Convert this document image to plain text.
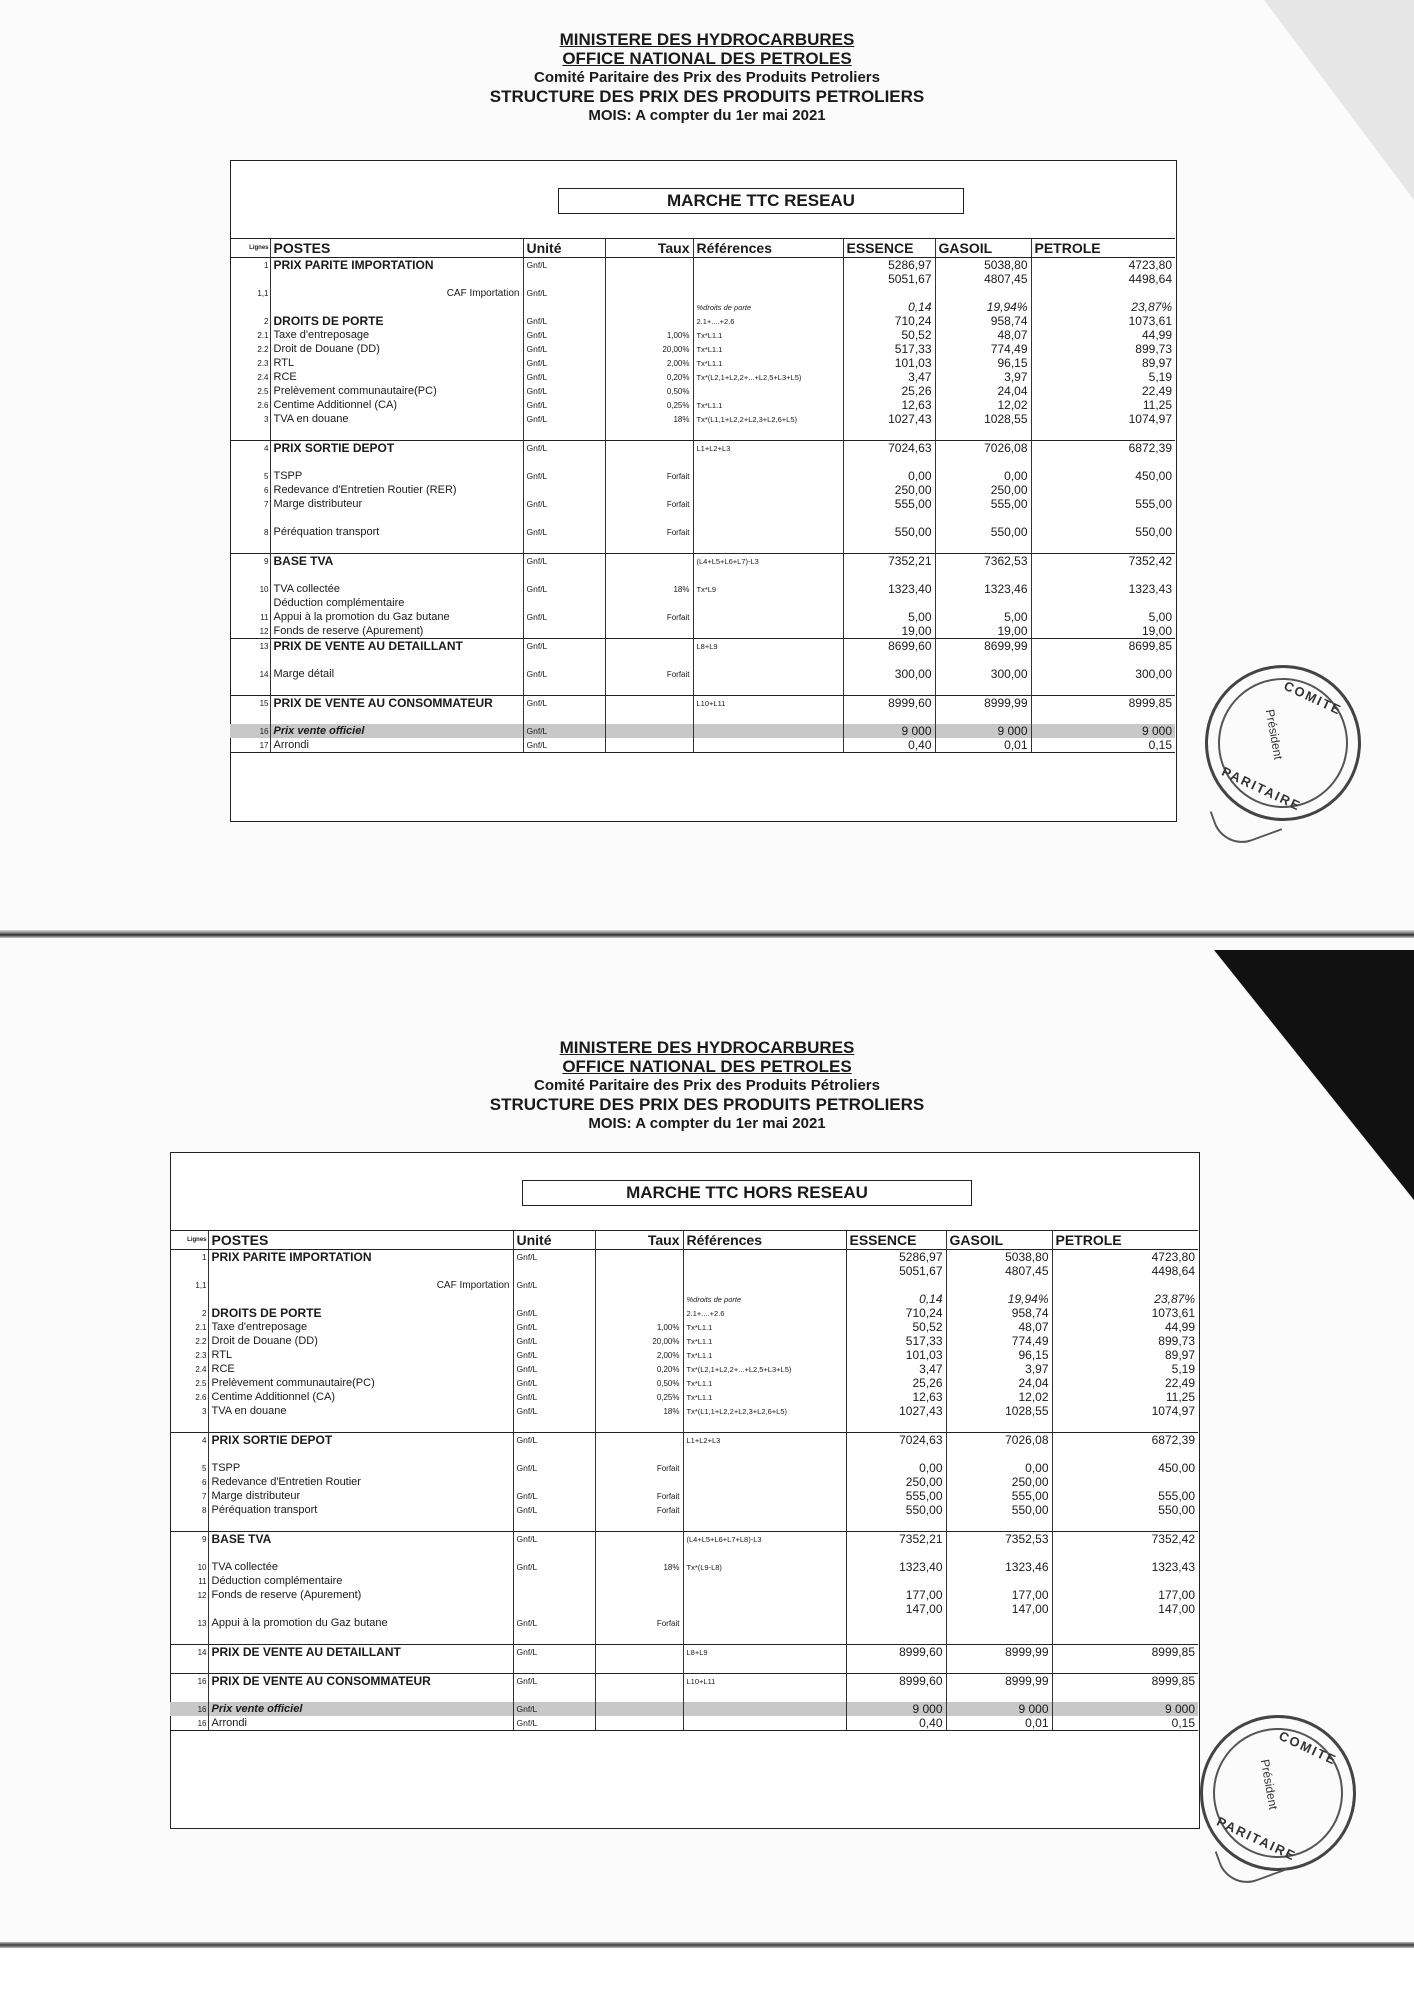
MINISTERE DES HYDROCARBURES
OFFICE NATIONAL DES PETROLES
Comité Paritaire des Prix des Produits Petroliers
STRUCTURE DES PRIX DES PRODUITS PETROLIERS
MOIS: A compter du 1er mai 2021
MARCHE TTC RESEAU
Lignes	POSTES	Unité	Taux	Références	ESSENCE	GASOIL	PETROLE
1	PRIX PARITE IMPORTATION	Gnf/L			5286,97	5038,80	4723,80
					5051,67	4807,45	4498,64
1,1	CAF Importation	Gnf/L					
				%droits de porte	0,14	19,94%	23,87%
2	DROITS DE PORTE	Gnf/L		2.1+....+2.6	710,24	958,74	1073,61
2.1	Taxe d'entreposage	Gnf/L	1,00%	Tx*L1.1	50,52	48,07	44,99
2.2	Droit de Douane (DD)	Gnf/L	20,00%	Tx*L1.1	517,33	774,49	899,73
2.3	RTL	Gnf/L	2,00%	Tx*L1.1	101,03	96,15	89,97
2.4	RCE	Gnf/L	0,20%	Tx*(L2,1+L2,2+...+L2,5+L3+L5)	3,47	3,97	5,19
2.5	Prelèvement communautaire(PC)	Gnf/L	0,50%		25,26	24,04	22,49
2.6	Centime Additionnel (CA)	Gnf/L	0,25%	Tx*L1.1	12,63	12,02	11,25
3	TVA en douane	Gnf/L	18%	Tx*(L1,1+L2,2+L2,3+L2,6+L5)	1027,43	1028,55	1074,97

4	PRIX SORTIE DEPOT	Gnf/L		L1+L2+L3	7024,63	7026,08	6872,39

5	TSPP	Gnf/L	Forfait		0,00	0,00	450,00
6	Redevance d'Entretien Routier (RER)				250,00	250,00	
7	Marge distributeur	Gnf/L	Forfait		555,00	555,00	555,00

8	Péréquation transport	Gnf/L	Forfait		550,00	550,00	550,00

9	BASE TVA	Gnf/L		(L4+L5+L6+L7)-L3	7352,21	7362,53	7352,42

10	TVA collectée	Gnf/L	18%	Tx*L9	1323,40	1323,46	1323,43
	Déduction complémentaire						
11	Appui à la promotion du Gaz butane	Gnf/L	Forfait		5,00	5,00	5,00
12	Fonds de reserve (Apurement)				19,00	19,00	19,00
13	PRIX DE VENTE AU DETAILLANT	Gnf/L		L8+L9	8699,60	8699,99	8699,85

14	Marge détail	Gnf/L	Forfait		300,00	300,00	300,00

15	PRIX DE VENTE AU CONSOMMATEUR	Gnf/L		L10+L11	8999,60	8999,99	8999,85

16	Prix vente officiel	Gnf/L			9 000	9 000	9 000
17	Arrondi	Gnf/L			0,40	0,01	0,15
COMITE
Président
PARITAIRE
MINISTERE DES HYDROCARBURES
OFFICE NATIONAL DES PETROLES
Comité Paritaire des Prix des Produits Pétroliers
STRUCTURE DES PRIX DES PRODUITS PETROLIERS
MOIS: A compter du 1er mai 2021
MARCHE TTC HORS RESEAU
Lignes	POSTES	Unité	Taux	Références	ESSENCE	GASOIL	PETROLE
1	PRIX PARITE IMPORTATION	Gnf/L			5286,97	5038,80	4723,80
					5051,67	4807,45	4498,64
1,1	CAF Importation	Gnf/L					
				%droits de porte	0,14	19,94%	23,87%
2	DROITS DE PORTE	Gnf/L		2.1+....+2.6	710,24	958,74	1073,61
2.1	Taxe d'entreposage	Gnf/L	1,00%	Tx*L1.1	50,52	48,07	44,99
2.2	Droit de Douane (DD)	Gnf/L	20,00%	Tx*L1.1	517,33	774,49	899,73
2.3	RTL	Gnf/L	2,00%	Tx*L1.1	101,03	96,15	89,97
2.4	RCE	Gnf/L	0,20%	Tx*(L2,1+L2,2+...+L2,5+L3+L5)	3,47	3,97	5,19
2.5	Prelèvement communautaire(PC)	Gnf/L	0,50%	Tx*L1.1	25,26	24,04	22,49
2.6	Centime Additionnel (CA)	Gnf/L	0,25%	Tx*L1.1	12,63	12,02	11,25
3	TVA en douane	Gnf/L	18%	Tx*(L1,1+L2,2+L2,3+L2,6+L5)	1027,43	1028,55	1074,97

4	PRIX SORTIE DEPOT	Gnf/L		L1+L2+L3	7024,63	7026,08	6872,39

5	TSPP	Gnf/L	Forfait		0,00	0,00	450,00
6	Redevance d'Entretien Routier				250,00	250,00	
7	Marge distributeur	Gnf/L	Forfait		555,00	555,00	555,00
8	Péréquation transport	Gnf/L	Forfait		550,00	550,00	550,00

9	BASE TVA	Gnf/L		(L4+L5+L6+L7+L8)-L3	7352,21	7352,53	7352,42

10	TVA collectée	Gnf/L	18%	Tx*(L9-L8)	1323,40	1323,46	1323,43
11	Déduction complémentaire						
12	Fonds de reserve (Apurement)				177,00	177,00	177,00
					147,00	147,00	147,00
13	Appui à la promotion du Gaz butane	Gnf/L	Forfait				

14	PRIX DE VENTE AU DETAILLANT	Gnf/L		L8+L9	8999,60	8999,99	8999,85

16	PRIX DE VENTE AU CONSOMMATEUR	Gnf/L		L10+L11	8999,60	8999,99	8999,85

16	Prix vente officiel	Gnf/L			9 000	9 000	9 000
16	Arrondi	Gnf/L			0,40	0,01	0,15
COMITE
Président
PARITAIRE
